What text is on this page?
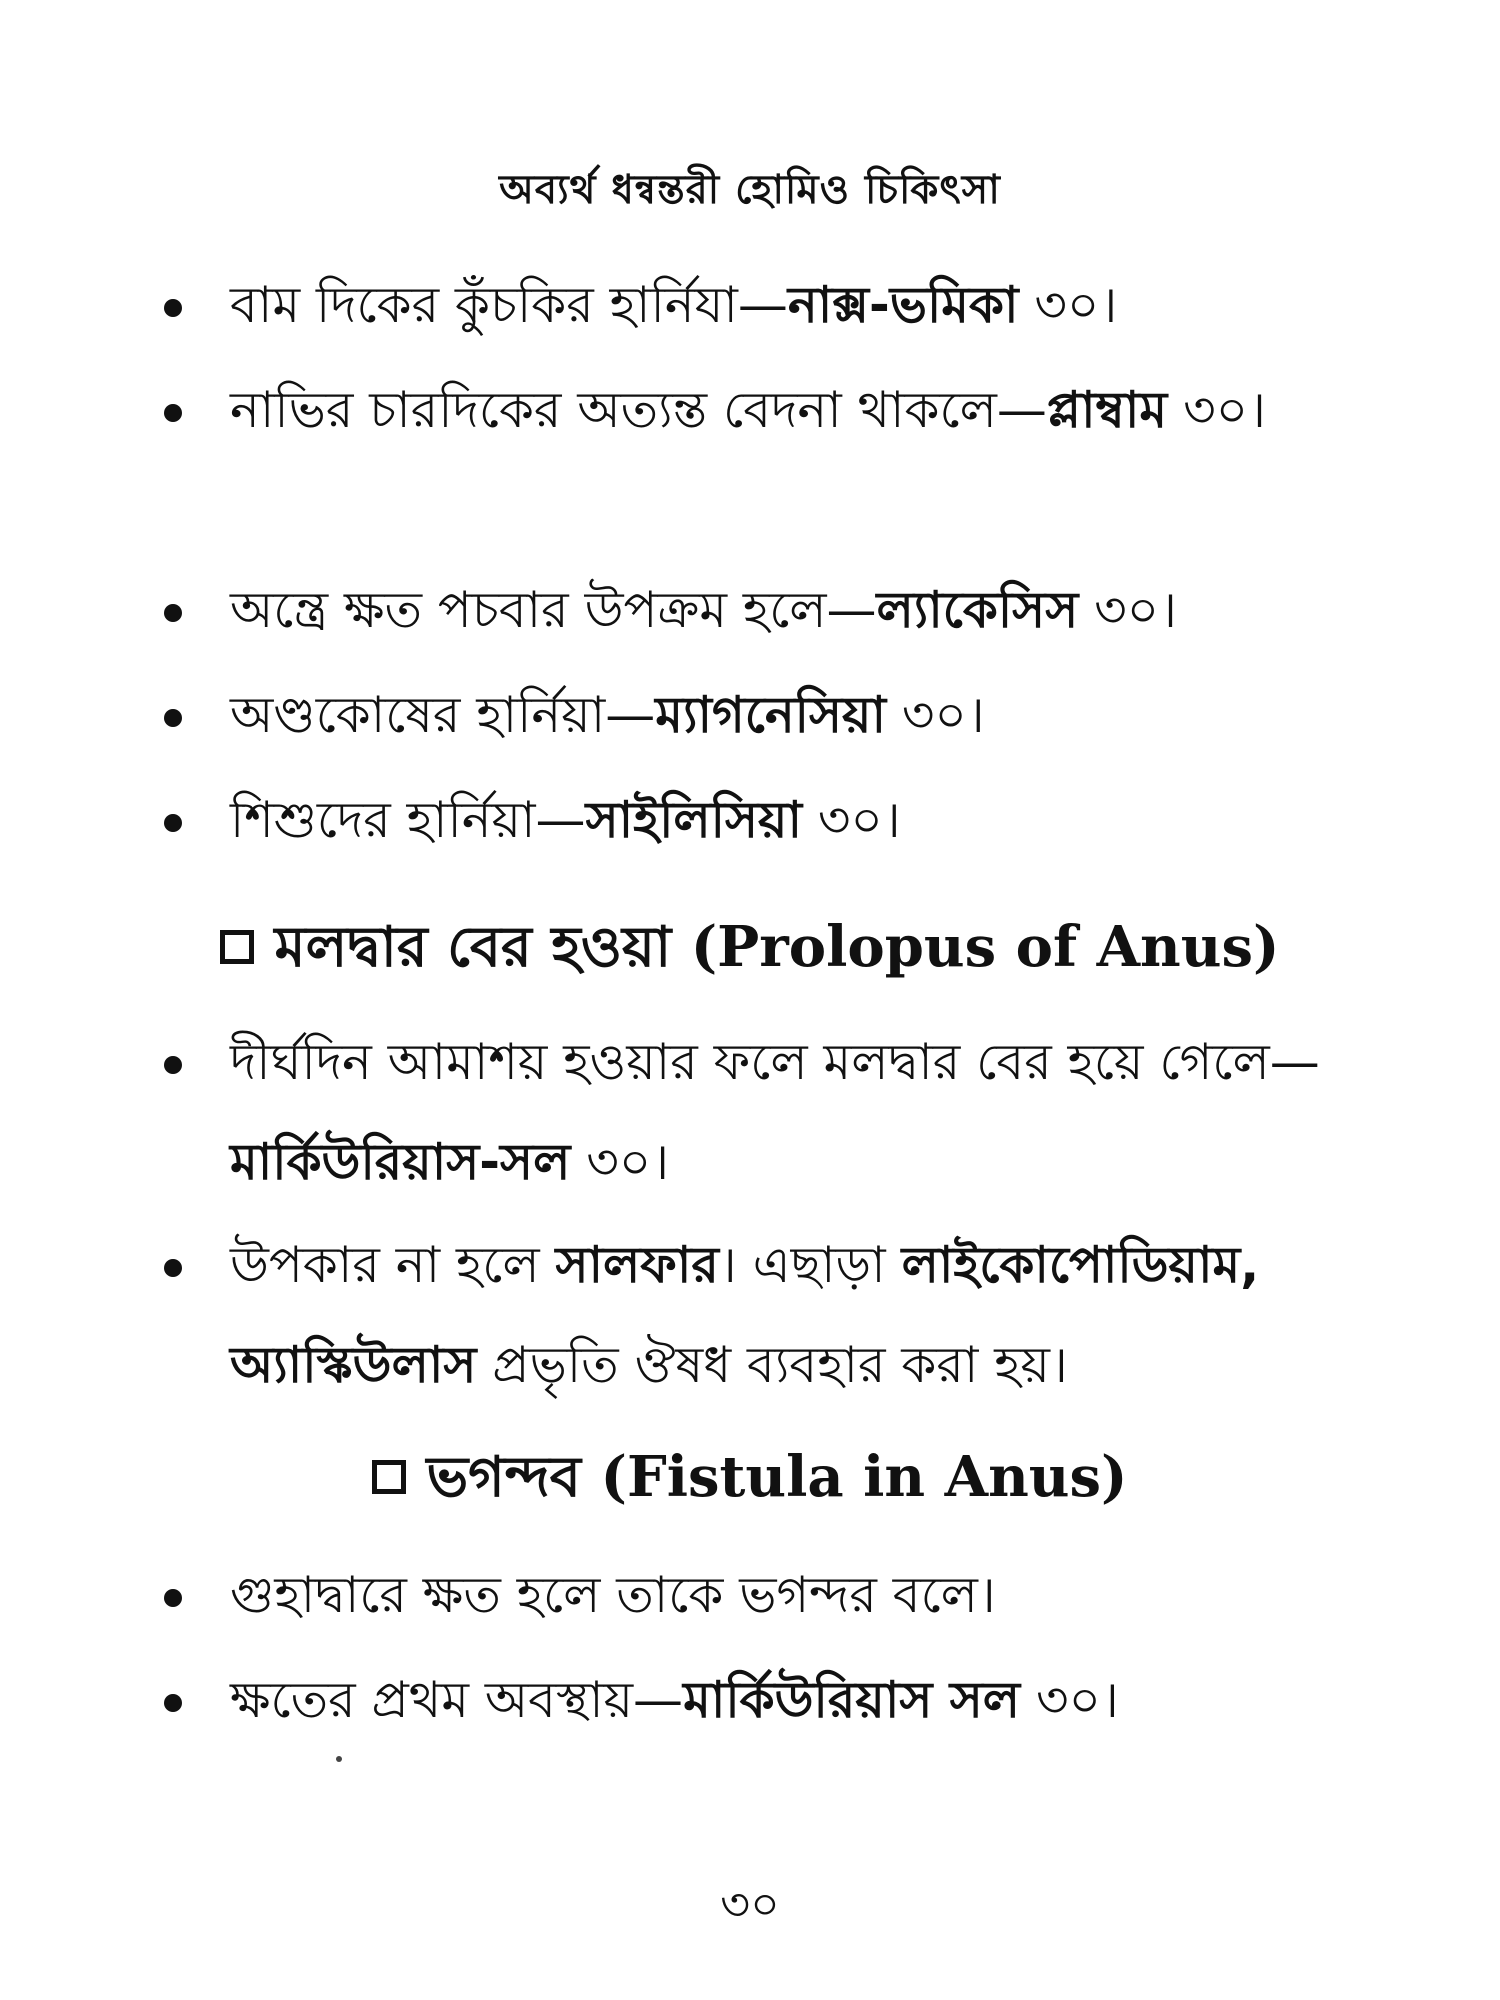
অব্যর্থ ধন্বন্তরী হোমিও চিকিৎসা
বাম দিকের কুঁচকির হার্নিযা—নাক্স-ভমিকা ৩০।
নাভির চারদিকের অত্যন্ত বেদনা থাকলে—প্লাম্বাম ৩০।
অন্ত্রে ক্ষত পচবার উপক্রম হলে—ল্যাকেসিস ৩০।
অণ্ডকোষের হার্নিয়া—ম্যাগনেসিয়া ৩০।
শিশুদের হার্নিয়া—সাইলিসিয়া ৩০।
মলদ্বার বের হওয়া (Prolopus of Anus)
দীর্ঘদিন আমাশয় হওয়ার ফলে মলদ্বার বের হয়ে গেলে—মার্কিউরিয়াস-সল ৩০।
উপকার না হলে সালফার। এছাড়া লাইকোপোডিয়াম, অ্যাস্কিউলাস প্রভৃতি ঔষধ ব্যবহার করা হয়।
ভগন্দব (Fistula in Anus)
গুহাদ্বারে ক্ষত হলে তাকে ভগন্দর বলে।
ক্ষতের প্রথম অবস্থায়—মার্কিউরিয়াস সল ৩০।
৩০
